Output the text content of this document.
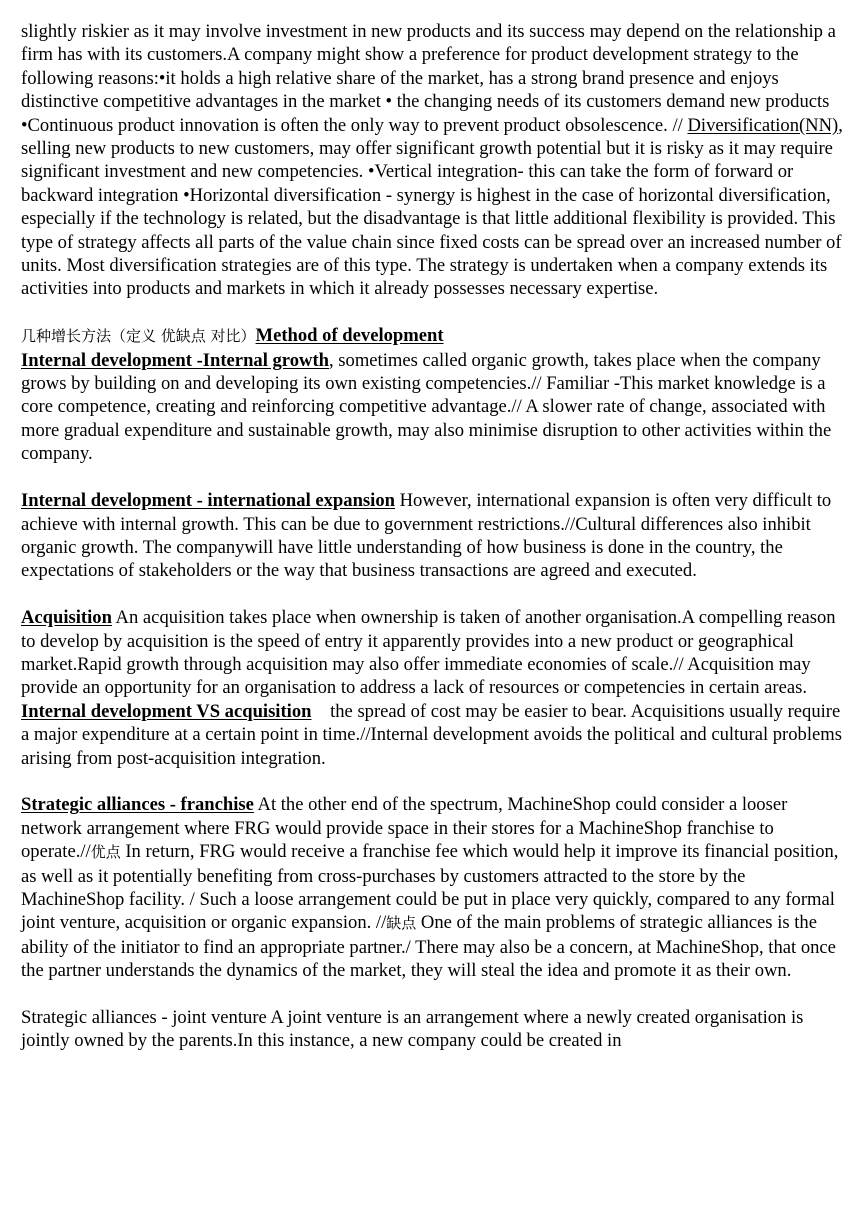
slightly riskier as it may involve investment in new products and its success may depend on the relationship a firm has with its customers.A company might show a preference for product development strategy to the following reasons:•it holds a high relative share of the market, has a strong brand presence and enjoys distinctive competitive advantages in the market • the changing needs of its customers demand new products •Continuous product innovation is often the only way to prevent product obsolescence. // Diversification(NN), selling new products to new customers, may offer significant growth potential but it is risky as it may require significant investment and new competencies. •Vertical integration- this can take the form of forward or backward integration •Horizontal diversification - synergy is highest in the case of horizontal diversification, especially if the technology is related, but the disadvantage is that little additional flexibility is provided. This type of strategy affects all parts of the value chain since fixed costs can be spread over an increased number of units. Most diversification strategies are of this type. The strategy is undertaken when a company extends its activities into products and markets in which it already possesses necessary expertise.

几种增长方法（定义 优缺点 对比）Method of development

Internal development -Internal growth, sometimes called organic growth, takes place when the company grows by building on and developing its own existing competencies.// Familiar -This market knowledge is a core competence, creating and reinforcing competitive advantage.// A slower rate of change, associated with more gradual expenditure and sustainable growth, may also minimise disruption to other activities within the company.

Internal development - international expansion However, international expansion is often very difficult to achieve with internal growth. This can be due to government restrictions.//Cultural differences also inhibit organic growth. The companywill have little understanding of how business is done in the country, the expectations of stakeholders or the way that business transactions are agreed and executed.

Acquisition An acquisition takes place when ownership is taken of another organisation.A compelling reason to develop by acquisition is the speed of entry it apparently provides into a new product or geographical market.Rapid growth through acquisition may also offer immediate economies of scale.// Acquisition may provide an opportunity for an organisation to address a lack of resources or competencies in certain areas.

Internal development VS acquisition    the spread of cost may be easier to bear. Acquisitions usually require a major expenditure at a certain point in time.//Internal development avoids the political and cultural problems arising from post-acquisition integration.

Strategic alliances - franchise At the other end of the spectrum, MachineShop could consider a looser network arrangement where FRG would provide space in their stores for a MachineShop franchise to operate.//优点 In return, FRG would receive a franchise fee which would help it improve its financial position, as well as it potentially benefiting from cross-purchases by customers attracted to the store by the MachineShop facility. / Such a loose arrangement could be put in place very quickly, compared to any formal joint venture, acquisition or organic expansion. //缺点 One of the main problems of strategic alliances is the ability of the initiator to find an appropriate partner./ There may also be a concern, at MachineShop, that once the partner understands the dynamics of the market, they will steal the idea and promote it as their own.

Strategic alliances - joint venture A joint venture is an arrangement where a newly created organisation is jointly owned by the parents.In this instance, a new company could be created in
